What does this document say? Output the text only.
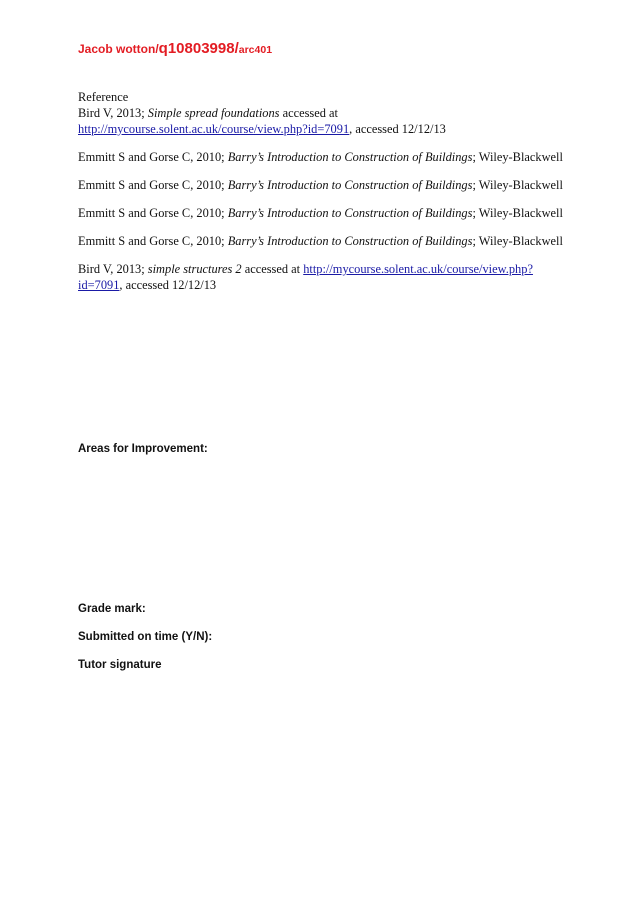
Jacob wotton/q10803998/arc401
Reference
Bird V, 2013; Simple spread foundations accessed at
http://mycourse.solent.ac.uk/course/view.php?id=7091, accessed 12/12/13
Emmitt S and Gorse C, 2010; Barry’s Introduction to Construction of Buildings; Wiley-Blackwell
Emmitt S and Gorse C, 2010; Barry’s Introduction to Construction of Buildings; Wiley-Blackwell
Emmitt S and Gorse C, 2010; Barry’s Introduction to Construction of Buildings; Wiley-Blackwell
Emmitt S and Gorse C, 2010; Barry’s Introduction to Construction of Buildings; Wiley-Blackwell
Bird V, 2013; simple structures 2 accessed at http://mycourse.solent.ac.uk/course/view.php?id=7091, accessed 12/12/13
Areas for Improvement:
Grade mark:
Submitted on time (Y/N):
Tutor signature
